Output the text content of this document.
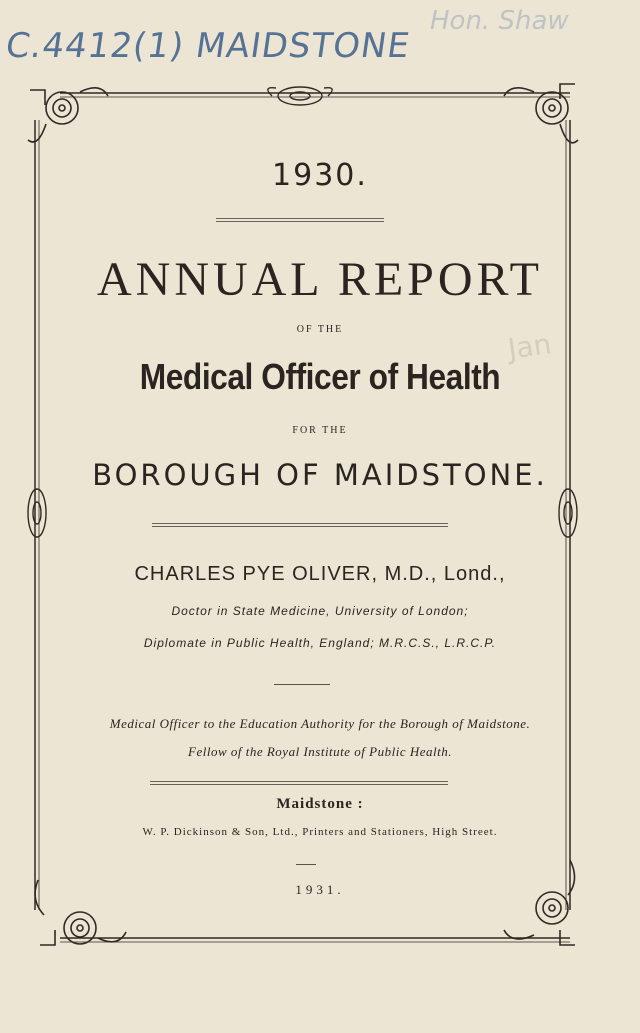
C.4412(1) MAIDSTONE
Hon. Shaw
Jan
1930.
ANNUAL REPORT
OF THE
Medical Officer of Health
FOR THE
BOROUGH OF MAIDSTONE.
CHARLES PYE OLIVER, M.D., Lond.,
Doctor in State Medicine, University of London;
Diplomate in Public Health, England; M.R.C.S., L.R.C.P.
Medical Officer to the Education Authority for the Borough of Maidstone.
Fellow of the Royal Institute of Public Health.
Maidstone :
W. P. Dickinson & Son, Ltd., Printers and Stationers, High Street.
1931.
